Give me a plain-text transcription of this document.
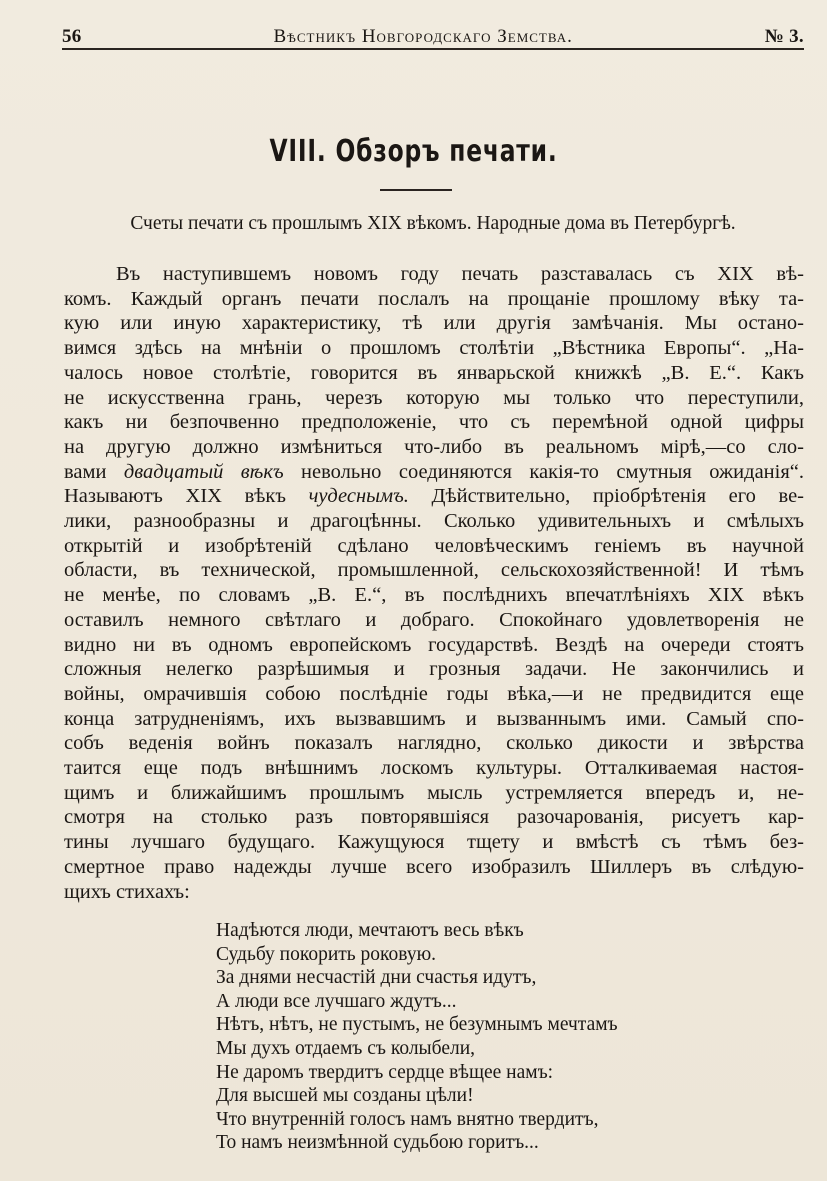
56	Вѣстникъ Новгородскаго Земства.	№ 3.
VIII. Обзоръ печати.
Счеты печати съ прошлымъ XIX вѣкомъ. Народные дома въ Петербургѣ.
Въ наступившемъ новомъ году печать разставалась съ XIX вѣ-
комъ. Каждый органъ печати послалъ на прощаніе прошлому вѣку та-
кую или иную характеристику, тѣ или другія замѣчанія. Мы остано-
вимся здѣсь на мнѣніи о прошломъ столѣтіи „Вѣстника Европы“. „На-
чалось новое столѣтіе, говорится въ январьской книжкѣ „В. Е.“. Какъ
не искусственна грань, черезъ которую мы только что переступили,
какъ ни безпочвенно предположеніе, что съ перемѣной одной цифры
на другую должно измѣниться что-либо въ реальномъ мірѣ,—со сло-
вами двадцатый вѣкъ невольно соединяются какія-то смутныя ожиданія“.
Называютъ XIX вѣкъ чудеснымъ. Дѣйствительно, пріобрѣтенія его ве-
лики, разнообразны и драгоцѣнны. Сколько удивительныхъ и смѣлыхъ
открытій и изобрѣтеній сдѣлано человѣческимъ геніемъ въ научной
области, въ технической, промышленной, сельскохозяйственной! И тѣмъ
не менѣе, по словамъ „В. Е.“, въ послѣднихъ впечатлѣніяхъ XIX вѣкъ
оставилъ немного свѣтлаго и добраго. Спокойнаго удовлетворенія не
видно ни въ одномъ европейскомъ государствѣ. Вездѣ на очереди стоятъ
сложныя нелегко разрѣшимыя и грозныя задачи. Не закончились и
войны, омрачившія собою послѣдніе годы вѣка,—и не предвидится еще
конца затрудненіямъ, ихъ вызвавшимъ и вызваннымъ ими. Самый спо-
собъ веденія войнъ показалъ наглядно, сколько дикости и звѣрства
таится еще подъ внѣшнимъ лоскомъ культуры. Отталкиваемая настоя-
щимъ и ближайшимъ прошлымъ мысль устремляется впередъ и, не-
смотря на столько разъ повторявшіяся разочарованія, рисуетъ кар-
тины лучшаго будущаго. Кажущуюся тщету и вмѣстѣ съ тѣмъ без-
смертное право надежды лучше всего изобразилъ Шиллеръ въ слѣдую-
щихъ стихахъ:
Надѣются люди, мечтаютъ весь вѣкъ
Судьбу покорить роковую.
За днями несчастій дни счастья идутъ,
А люди все лучшаго ждутъ...
Нѣтъ, нѣтъ, не пустымъ, не безумнымъ мечтамъ
Мы духъ отдаемъ съ колыбели,
Не даромъ твердитъ сердце вѣщее намъ:
Для высшей мы созданы цѣли!
Что внутренній голосъ намъ внятно твердитъ,
То намъ неизмѣнной судьбою горитъ...
